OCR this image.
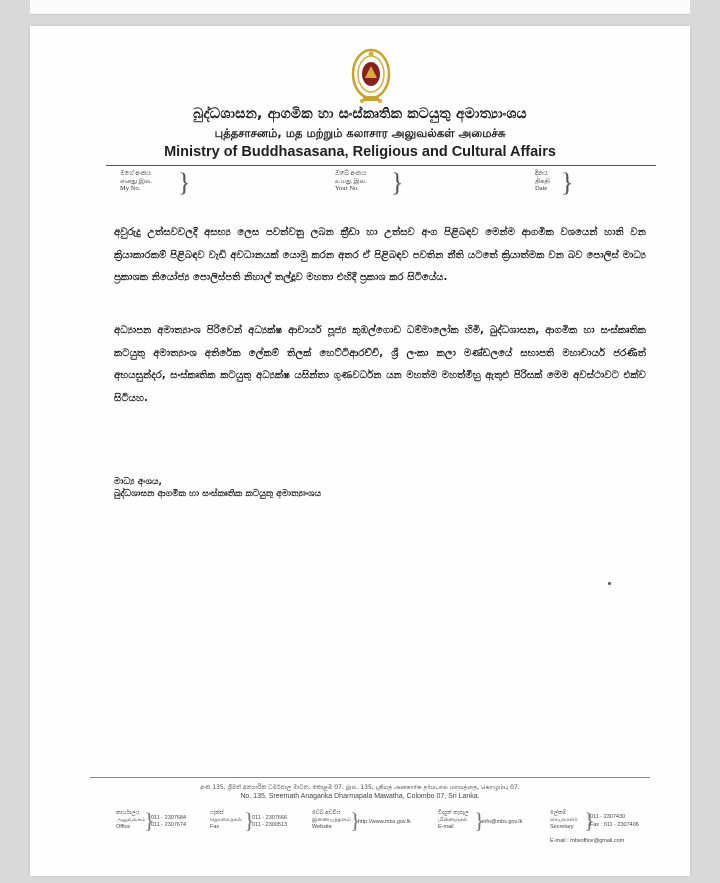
බුද්ධශාසන, ආගමික හා සංස්කෘතික කටයුතු අමාත්‍යාංශය
புத்தசாசனம், மத மற்றும் கலாசார அலுவல்கள் அமைச்சு
Ministry of Buddhasasana, Religious and Cultural Affairs
මගේ අංකය
எனது இல.
My No.	}	ඔබේ අංකය
உமது இல.
Your No.	}	දිනය
திகதி
Date }

අවුරුදු උත්සවවලදී අසභ්‍ය ලෙස පවත්වනු ලබන ක්‍රීඩා හා උත්සව අංග පිළිබඳව මෙන්ම ආගමික වශයෙන් හානි වන ක්‍රියාකාරකම් පිළිබඳව වැඩි අවධානයක් යොමු කරන අතර ඒ පිළිබඳව පවතින නීති යටතේ ක්‍රියාත්මක වන බව පොලිස් මාධ්‍ය ප්‍රකාශක නියෝජ්‍ය පොලිස්පති නිහාල් තල්දූව මහතා එහිදී ප්‍රකාශ කර සිටියේය.

අධ්‍යාපන අමාත්‍යාංශ පිරිවෙන් අධ්‍යක්ෂ ආචාර්ය පූජ්‍ය කුඹල්ගොඩ ධම්මාලෝක හිමි, බුද්ධශාසන, ආගමික හා සංස්කෘතික කටයුතු අමාත්‍යාංශ අතිරේක ලේකම් තිලක් හෙට්ටිආරච්චි, ශ්‍රී ලංකා කලා මණ්ඩලයේ සභාපති මහාචාර්ය ජරණිත් අභයසුන්දර, සංස්කෘතික කටයුතු අධ්‍යක්ෂ යසින්තා ගුණවර්ධන යන මහත්ම මහත්මීහු ඇතුළු පිරිසක් මෙම අවස්ථාවට එක්ව සිටියහ.

මාධ්‍ය අංශය,
බුද්ධශාසන ආගමික හා සංස්කෘතික කටයුතු අමාත්‍යාංශය
අංක 135, ශ්‍රීමත් අනගාරික ධර්මපාල මාවත, කොළඹ 07. இல. 135, ஸ்ரீமத் அனகாரிக தர்மபால மாவத்தை, கொழும்பு 07.
No. 135, Sreemath Anagarika Dharmapala Mawatha, Colombo 07, Sri Lanka.
කාර්යාලය
அலுவலகம்
Office }
011 - 2307684
011 - 2307674
ෆැක්ස්
தொலைநகல்
Fax	}
011 - 2307666
011 - 2300513
වෙබ් අඩවිය
இணையத்தளம்
Website }
http://www.mbs.gov.lk
විද්‍යුත් තැපෑල
மின்னஞ்சல்
E-mail }
info@mbs.gov.lk
ලේකම්
செயலாளர்
Secretary }
011 - 2307430
Fax : 011 - 2307406
E-mail : mbsoffice@gmail.com
